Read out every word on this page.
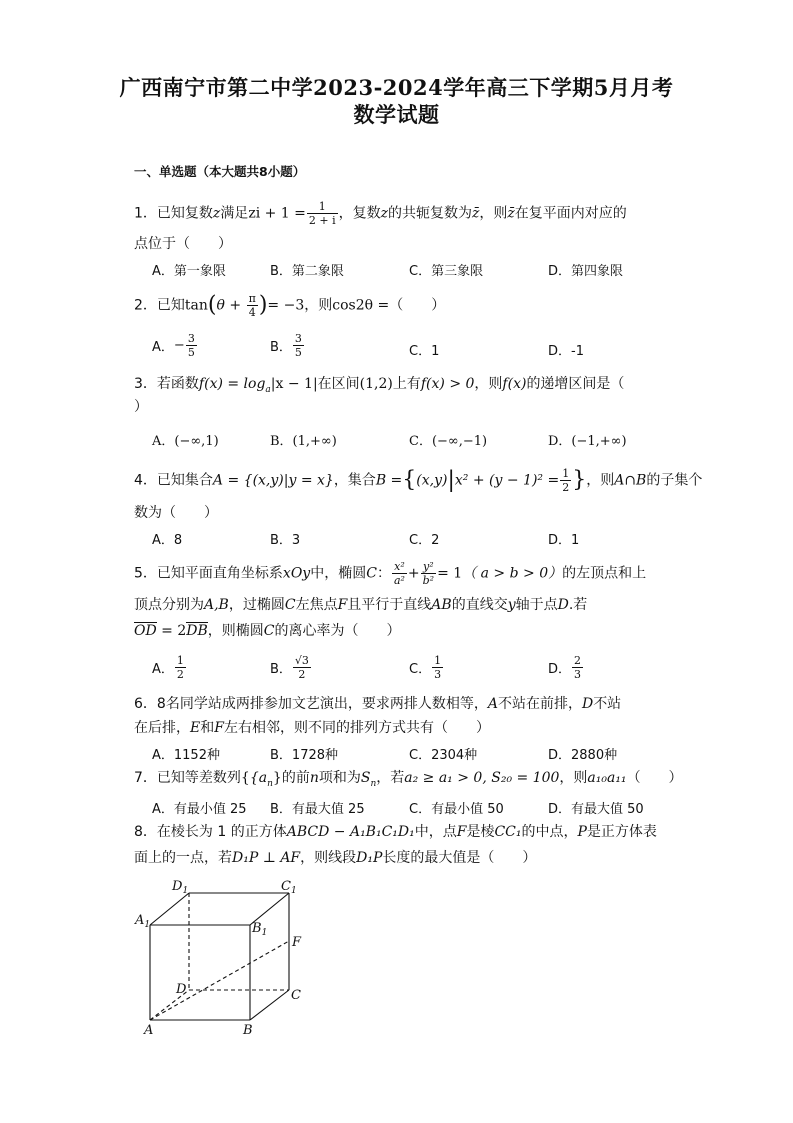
广西南宁市第二中学2023-2024学年高三下学期5月月考
数学试题
一、单选题（本大题共8小题）
1．已知复数z满足zi + $1 = \frac{1}{2 + i}$ ，复数z的共轭复数为z̄，则z̄在复平面内对应的
点位于（　　）
A．第一象限	B．第二象限	C．第三象限	D．第四象限
2．已知$\tan(\theta + \frac{\pi}{4}$ )= −3，则cos2θ =（　　）
A．− $\frac{3}{5}$	B． $\frac{3}{5}$	C．1	D．-1
3．若函数$f(x) = \log_a|x - 1|$在区间(1,2)上有f(x) > 0，则f(x)的递增区间是（
）
A．(−∞,1)	B．(1,+∞)	C．(−∞,−1)	D．(−1,+∞)
4．已知集合A = {(x,y)|y = x}，集合$B =\{(x,y)|x^2 + (y - 1)^2 = \frac{1}{2}$ }，则A∩B的子集个
数为（　　）
A．8	B．3	C．2	D．1
5．已知平面直角坐标系xOy中，椭圆C： $\frac{\text{x²}}{\text{a²}} + \frac{\text{y²}}{\text{b²}} = 1$（ a > b > 0）的左顶点和上
顶点分别为A,B，过椭圆C左焦点F且平行于直线AB的直线交y轴于点D.若
OD = 2DB，则椭圆C的离心率为（　　）
A． $\frac{1}{2}$	B． $\frac{√3}{2}$	C． $\frac{1}{3}$	D． $\frac{2}{3}$
6．8名同学站成两排参加文艺演出，要求两排人数相等，A不站在前排，D不站
在后排，E和F左右相邻，则不同的排列方式共有（　　）
A．1152种	B．1728种	C．2304种	D．2880种
7．已知等差数列{$\{a_n\}$的前n项和为$S_n$，若a₂ ≥ a₁ > 0, S₂₀ = 100，则a₁₀a₁₁（　　）
A．有最小值 25 B．有最大值 25	C．有最小值 50	D．有最大值 50
8．在棱长为 1 的正方体ABCD − A₁B₁C₁D₁中，点F是棱CC₁的中点，P是正方体表
面上的一点，若D₁P ⊥ AF，则线段D₁P长度的最大值是（　　）
$D_1$	$C_1$
$A_1$	$B_1$
F
D	C
A	B
